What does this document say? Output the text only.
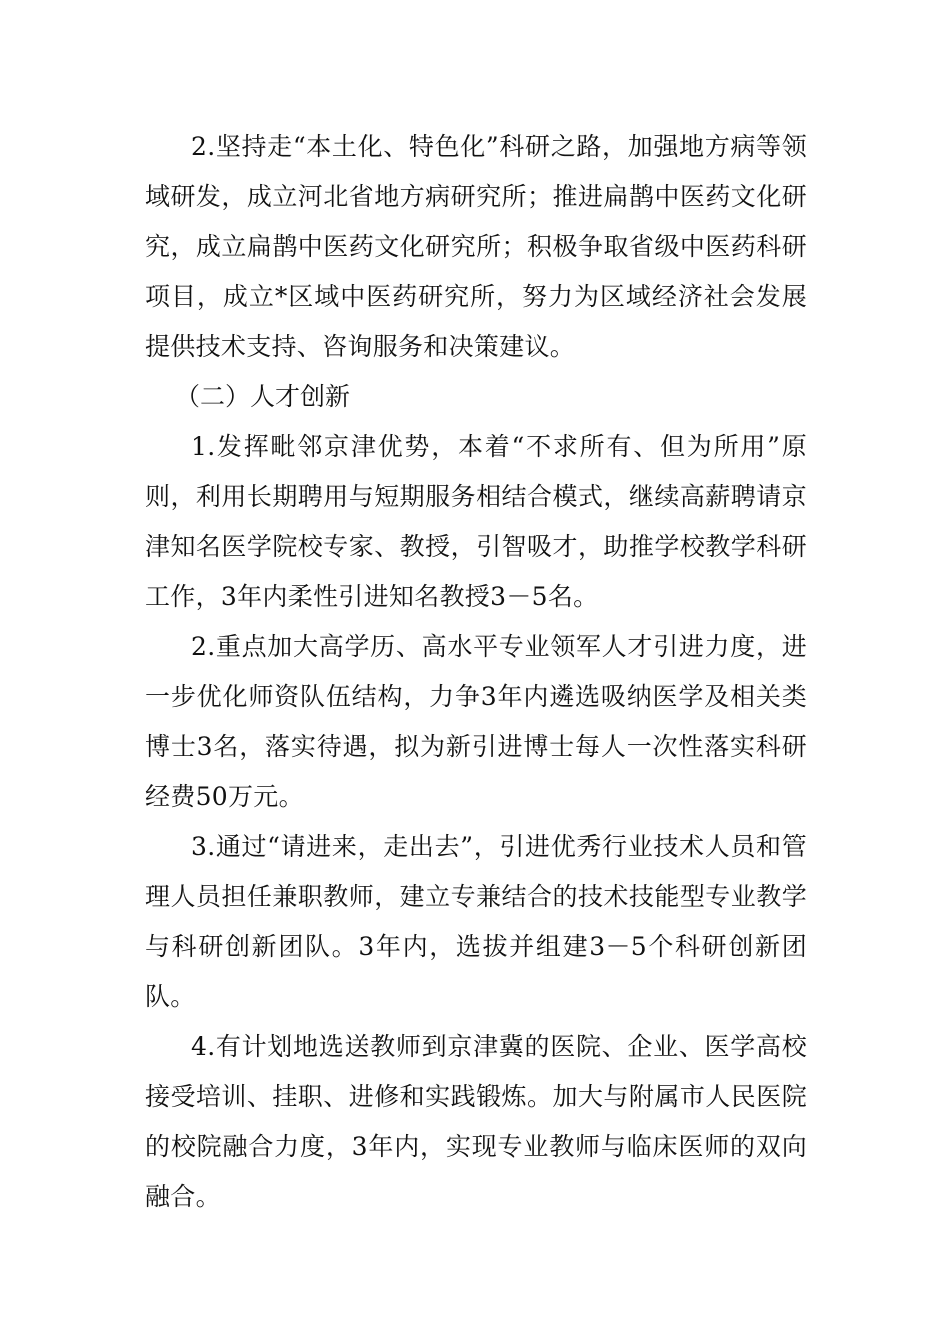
2.坚持走“本土化、特色化”科研之路，加强地方病等领域研发，成立河北省地方病研究所；推进扁鹊中医药文化研究，成立扁鹊中医药文化研究所；积极争取省级中医药科研项目，成立*区域中医药研究所，努力为区域经济社会发展提供技术支持、咨询服务和决策建议。

（二）人才创新

1.发挥毗邻京津优势，本着“不求所有、但为所用”原则，利用长期聘用与短期服务相结合模式，继续高薪聘请京津知名医学院校专家、教授，引智吸才，助推学校教学科研工作，3年内柔性引进知名教授3－5名。

2.重点加大高学历、高水平专业领军人才引进力度，进一步优化师资队伍结构，力争3年内遴选吸纳医学及相关类博士3名，落实待遇，拟为新引进博士每人一次性落实科研经费50万元。

3.通过“请进来，走出去”，引进优秀行业技术人员和管理人员担任兼职教师，建立专兼结合的技术技能型专业教学与科研创新团队。3年内，选拔并组建3－5个科研创新团队。

4.有计划地选送教师到京津冀的医院、企业、医学高校接受培训、挂职、进修和实践锻炼。加大与附属市人民医院的校院融合力度，3年内，实现专业教师与临床医师的双向融合。
